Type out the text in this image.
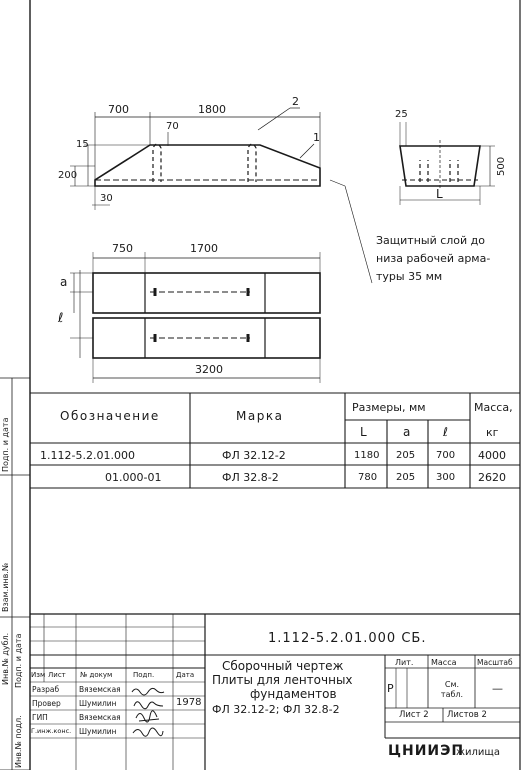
700	1800
70
2
1
15
200
30
25
500
L
Защитный слой до
низа рабочей арма-
туры 35 мм
750	1700
a
ℓ
3200
Обозначение	Марка
Размеры, мм	Масса,
кг
L	a	ℓ
1.112-5.2.01.000	ФЛ 32.12-2	1180 205 700 4000
01.000-01	ФЛ 32.8-2	780 205 300 2620
Подп. и дата
Взам.инв.№
Инв.№ дубл.
Инв.№ подл.
Подп. и дата	1.112-5.2.01.000 СБ.
Сборочный чертеж
Плиты для ленточных
фундаментов
ФЛ 32.12-2; ФЛ 32.8-2
Изм Лист № докум	Подп.	Дата
Разраб	Вяземская
Провер Шумилин
ГИП	Вяземская
Г.инж.конс. Шумилин
1978
Лит. Масса	Масштаб
Р	См. табл.	—
Лист 2 Листов 2
ЦНИИЭП
жилища
